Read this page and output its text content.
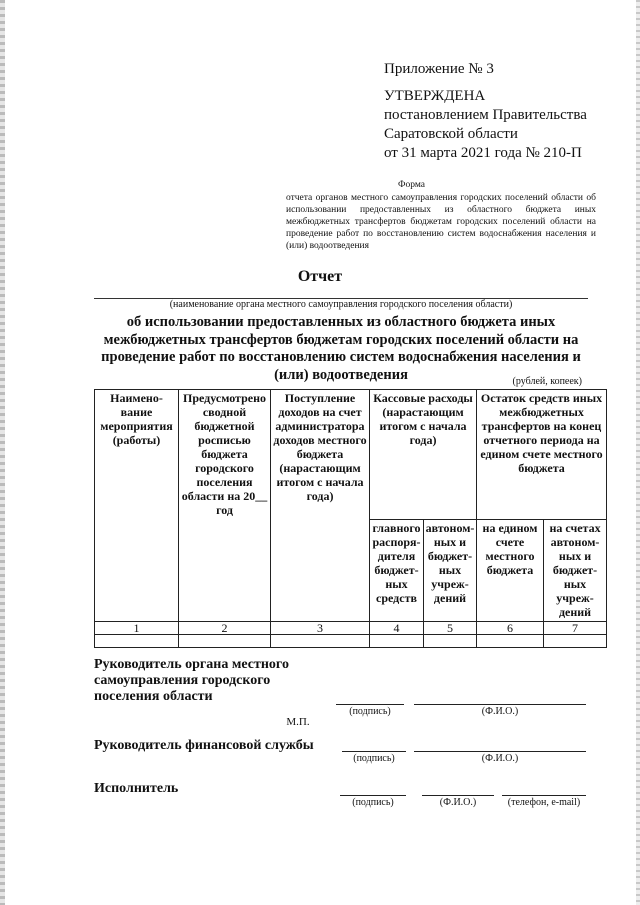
Приложение № 3
УТВЕРЖДЕНА
постановлением Правительства
Саратовской области
от 31 марта 2021 года № 210-П
Форма
отчета органов местного самоуправления городских поселений области об использовании предоставленных из областного бюджета иных межбюджетных трансфертов бюджетам городских поселений области на проведение работ по восстановлению систем водоснабжения населения и (или) водоотведения
Отчет
(наименование органа местного самоуправления городского поселения области)
об использовании предоставленных из областного бюджета иных межбюджетных трансфертов бюджетам городских поселений области на проведение работ по восстановлению систем водоснабжения населения и (или) водоотведения	(рублей, копеек)
Наимено-вание мероприятия (работы)	Предусмотрено сводной бюджетной росписью бюджета городского поселения области на 20__ год	Поступление доходов на счет администратора доходов местного бюджета (нарастающим итогом с начала года)	Кассовые расходы (нарастающим итогом с начала года)		Остаток средств иных межбюджетных трансфертов на конец отчетного периода на едином счете местного бюджета	
			главного распоря-дителя бюджет-ных средств	автоном-ных и бюджет-ных учреж-дений	на едином счете местного бюджета	на счетах автоном-ных и бюджет-ных учреж-дений
1	2	3	4	5	6	7

Руководитель органа местного самоуправления городского поселения области
(подпись)	(Ф.И.О.)
М.П.
Руководитель финансовой службы
(подпись)	(Ф.И.О.)
Исполнитель
(подпись)	(Ф.И.О.)	(телефон, e-mail)
